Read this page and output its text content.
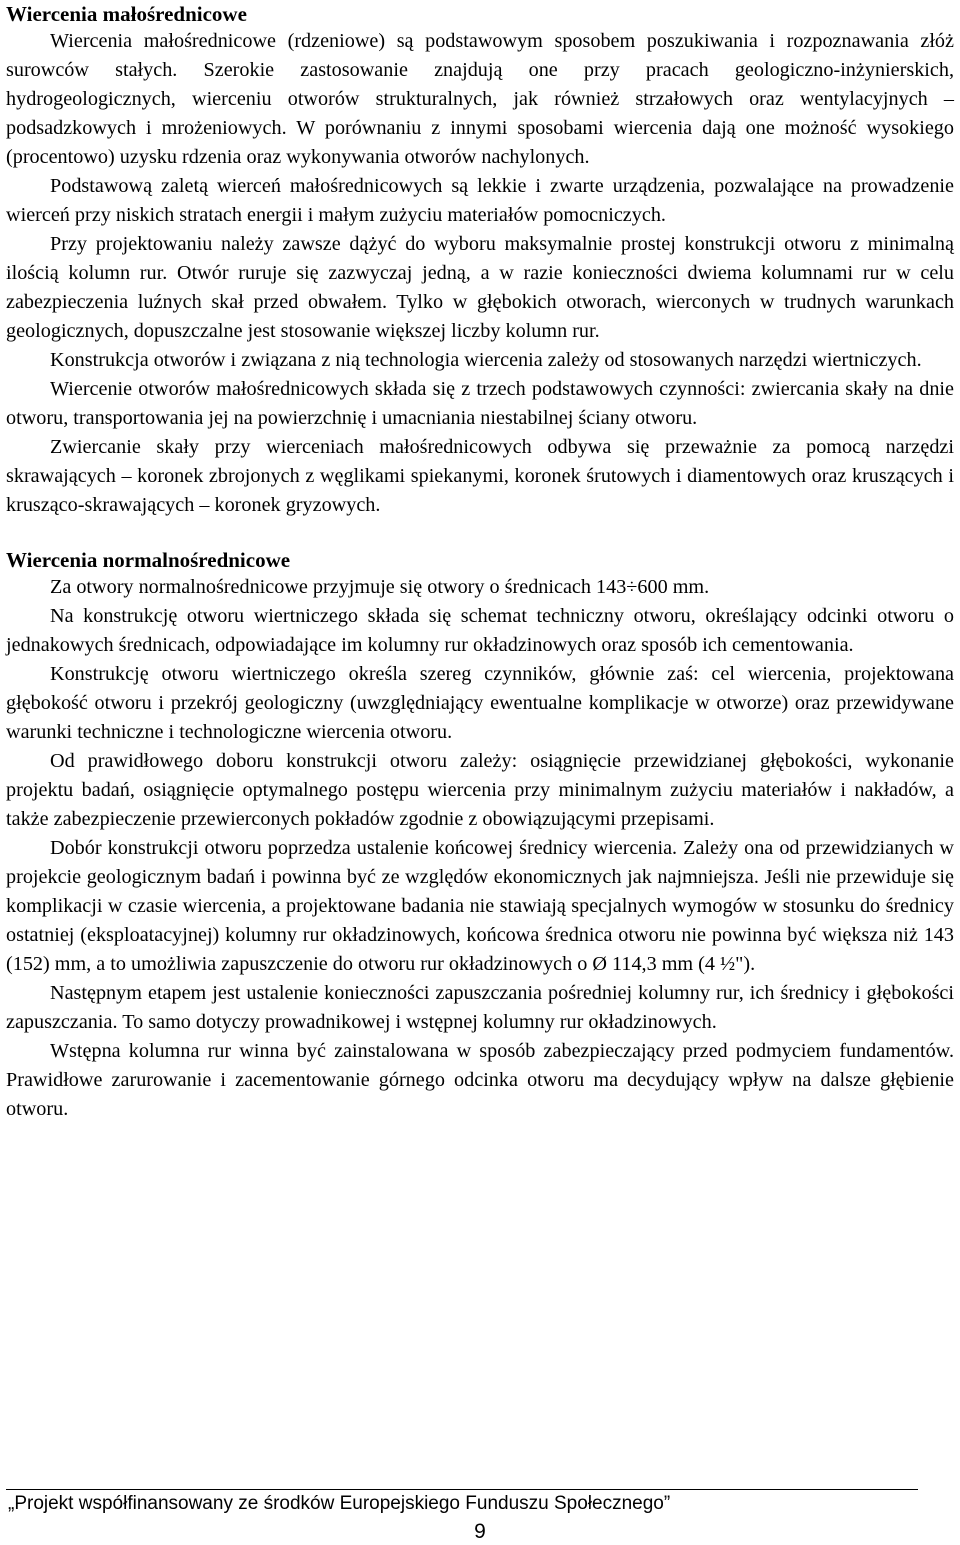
Wiercenia małośrednicowe

Wiercenia małośrednicowe (rdzeniowe) są podstawowym sposobem poszukiwania i rozpoznawania złóż surowców stałych. Szerokie zastosowanie znajdują one przy pracach geologiczno-inżynierskich, hydrogeologicznych, wierceniu otworów strukturalnych, jak również strzałowych oraz wentylacyjnych – podsadzkowych i mrożeniowych. W porównaniu z innymi sposobami wiercenia dają one możność wysokiego (procentowo) uzysku rdzenia oraz wykonywania otworów nachylonych.

Podstawową zaletą wierceń małośrednicowych są lekkie i zwarte urządzenia, pozwalające na prowadzenie wierceń przy niskich stratach energii i małym zużyciu materiałów pomocniczych.

Przy projektowaniu należy zawsze dążyć do wyboru maksymalnie prostej konstrukcji otworu z minimalną ilością kolumn rur. Otwór ruruje się zazwyczaj jedną, a w razie konieczności dwiema kolumnami rur w celu zabezpieczenia luźnych skał przed obwałem. Tylko w głębokich otworach, wierconych w trudnych warunkach geologicznych, dopuszczalne jest stosowanie większej liczby kolumn rur.

Konstrukcja otworów i związana z nią technologia wiercenia zależy od stosowanych narzędzi wiertniczych.

Wiercenie otworów małośrednicowych składa się z trzech podstawowych czynności: zwiercania skały na dnie otworu, transportowania jej na powierzchnię i umacniania niestabilnej ściany otworu.

Zwiercanie skały przy wierceniach małośrednicowych odbywa się przeważnie za pomocą narzędzi skrawających – koronek zbrojonych z węglikami spiekanymi, koronek śrutowych i diamentowych oraz kruszących i krusząco-skrawających – koronek gryzowych.

Wiercenia normalnośrednicowe

Za otwory normalnośrednicowe przyjmuje się otwory o średnicach 143÷600 mm.

Na konstrukcję otworu wiertniczego składa się schemat techniczny otworu, określający odcinki otworu o jednakowych średnicach, odpowiadające im kolumny rur okładzinowych oraz sposób ich cementowania.

Konstrukcję otworu wiertniczego określa szereg czynników, głównie zaś: cel wiercenia, projektowana głębokość otworu i przekrój geologiczny (uwzględniający ewentualne komplikacje w otworze) oraz przewidywane warunki techniczne i technologiczne wiercenia otworu.

Od prawidłowego doboru konstrukcji otworu zależy: osiągnięcie przewidzianej głębokości, wykonanie projektu badań, osiągnięcie optymalnego postępu wiercenia przy minimalnym zużyciu materiałów i nakładów, a także zabezpieczenie przewierconych pokładów zgodnie z obowiązującymi przepisami.

Dobór konstrukcji otworu poprzedza ustalenie końcowej średnicy wiercenia. Zależy ona od przewidzianych w projekcie geologicznym badań i powinna być ze względów ekonomicznych jak najmniejsza. Jeśli nie przewiduje się komplikacji w czasie wiercenia, a projektowane badania nie stawiają specjalnych wymogów w stosunku do średnicy ostatniej (eksploatacyjnej) kolumny rur okładzinowych, końcowa średnica otworu nie powinna być większa niż 143 (152) mm, a to umożliwia zapuszczenie do otworu rur okładzinowych o Ø 114,3 mm (4 ½").

Następnym etapem jest ustalenie konieczności zapuszczania pośredniej kolumny rur, ich średnicy i głębokości zapuszczania. To samo dotyczy prowadnikowej i wstępnej kolumny rur okładzinowych.

Wstępna kolumna rur winna być zainstalowana w sposób zabezpieczający przed podmyciem fundamentów. Prawidłowe zarurowanie i zacementowanie górnego odcinka otworu ma decydujący wpływ na dalsze głębienie otworu.

„Projekt współfinansowany ze środków Europejskiego Funduszu Społecznego”
9
